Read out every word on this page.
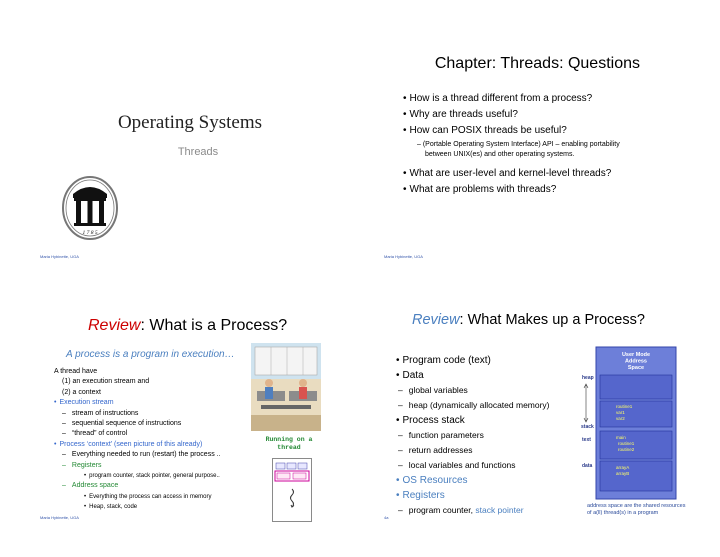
Operating Systems
Threads
1 7 8 5
Maria Hybinette, UGA
Chapter: Threads: Questions
• How is a thread different from a process?
• Why are threads useful?
• How can POSIX threads be useful?
– (Portable Operating System Interface) API – enabling portability
between UNIX(es) and other operating systems.
• What are user-level and kernel-level threads?
• What are problems with threads?
Maria Hybinette, UGA
Review: What is a Process?
A process is a program in execution…
A thread have
(1) an execution stream and
(2) a context
• Execution stream
– stream of instructions
– sequential sequence of instructions
– “thread” of control
• Process ‘context’ (seen picture of this already)
– Everything needed to run (restart) the process ..
– Registers
• program counter, stack pointer, general purpose..
– Address space
• Everything the process can access in memory
• Heap, stack, code
Running on a
thread
Maria Hybinette, UGA
Review: What Makes up a Process?
• Program code (text)
• Data
– global variables
– heap (dynamically allocated memory)
• Process stack
– function parameters
– return addresses
– local variables and functions
• OS Resources
• Registers
– program counter, stack pointer
User Mode
Address
Space
heap
stack
text
data
routine1
var1
var2
main
routine1
routine2
arrayA
arrayB
address space are the shared resources
of a(ll) thread(s) in a program
4a
